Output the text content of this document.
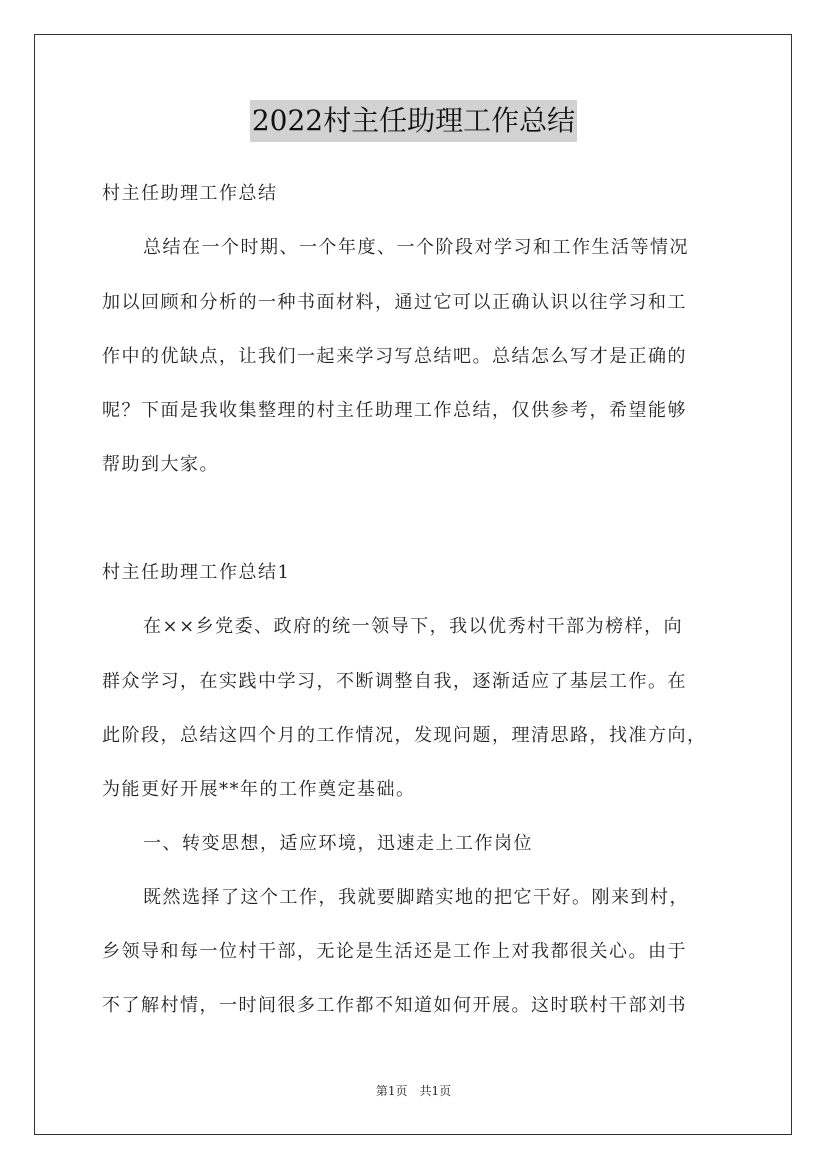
2022村主任助理工作总结
村主任助理工作总结
总结在一个时期、一个年度、一个阶段对学习和工作生活等情况
加以回顾和分析的一种书面材料，通过它可以正确认识以往学习和工
作中的优缺点，让我们一起来学习写总结吧。总结怎么写才是正确的
呢？下面是我收集整理的村主任助理工作总结，仅供参考，希望能够
帮助到大家。
村主任助理工作总结1
在××乡党委、政府的统一领导下，我以优秀村干部为榜样，向
群众学习，在实践中学习，不断调整自我，逐渐适应了基层工作。在
此阶段，总结这四个月的工作情况，发现问题，理清思路，找准方向，
为能更好开展**年的工作奠定基础。
一、转变思想，适应环境，迅速走上工作岗位
既然选择了这个工作，我就要脚踏实地的把它干好。刚来到村，
乡领导和每一位村干部，无论是生活还是工作上对我都很关心。由于
不了解村情，一时间很多工作都不知道如何开展。这时联村干部刘书
第1页　共1页
